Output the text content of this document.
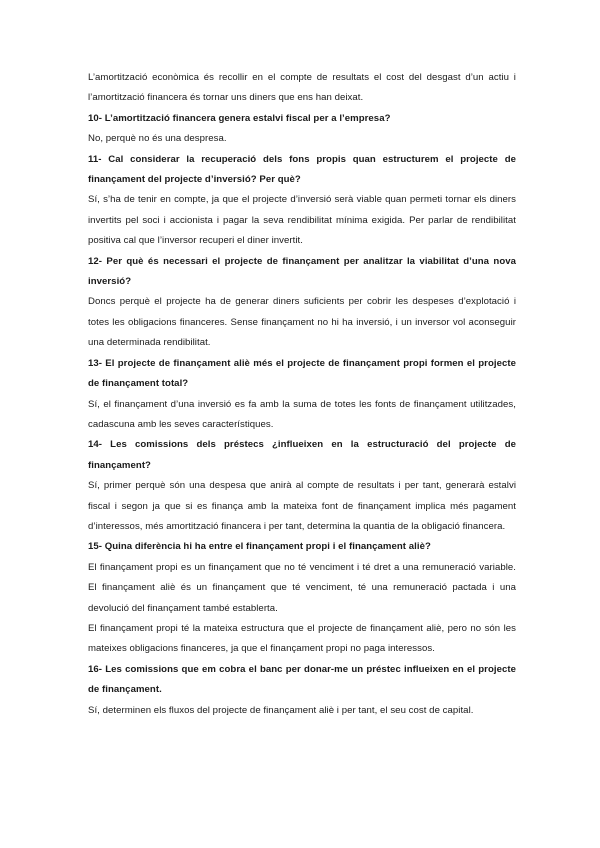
L’amortització econòmica és recollir en el compte de resultats el cost del desgast d’un actiu i l’amortització financera és tornar uns diners que ens han deixat.

10- L’amortització financera genera estalvi fiscal per a l’empresa?

No, perquè no és una despresa.

11- Cal considerar la recuperació dels fons propis quan estructurem el projecte de finançament del projecte d’inversió? Per què?

Sí, s’ha de tenir en compte, ja que el projecte d’inversió serà viable quan permeti tornar els diners invertits pel soci i accionista i pagar la seva rendibilitat mínima exigida. Per parlar de rendibilitat positiva cal que l’inversor recuperi el diner invertit.

12- Per què és necessari el projecte de finançament per analitzar la viabilitat d’una nova inversió?

Doncs perquè el projecte ha de generar diners suficients per cobrir les despeses d’explotació i totes les obligacions financeres. Sense finançament no hi ha inversió, i un inversor vol aconseguir una determinada rendibilitat.

13- El projecte de finançament aliè més el projecte de finançament propi formen el projecte de finançament total?

Sí, el finançament d’una inversió es fa amb la suma de totes les fonts de finançament utilitzades, cadascuna amb les seves característiques.

14- Les comissions dels préstecs ¿influeixen en la estructuració del projecte de finançament?

Sí, primer perquè són una despesa que anirà al compte de resultats i per tant, generarà estalvi fiscal i segon ja que si es finança amb la mateixa font de finançament implica més pagament d’interessos, més amortització financera i per tant, determina la quantia de la obligació financera.

15- Quina diferència hi ha entre el finançament propi i el finançament aliè?

El finançament propi es un finançament que no té venciment i té dret a una remuneració variable. El finançament aliè és un finançament que té venciment, té una remuneració pactada i una devolució del finançament també establerta.

El finançament propi té la mateixa estructura que el projecte de finançament aliè, pero no són les mateixes obligacions financeres, ja que el finançament propi no paga interessos.

16- Les comissions que em cobra el banc per donar-me un préstec influeixen en el projecte de finançament.

Sí, determinen els fluxos del projecte de finançament aliè i per tant, el seu cost de capital.
